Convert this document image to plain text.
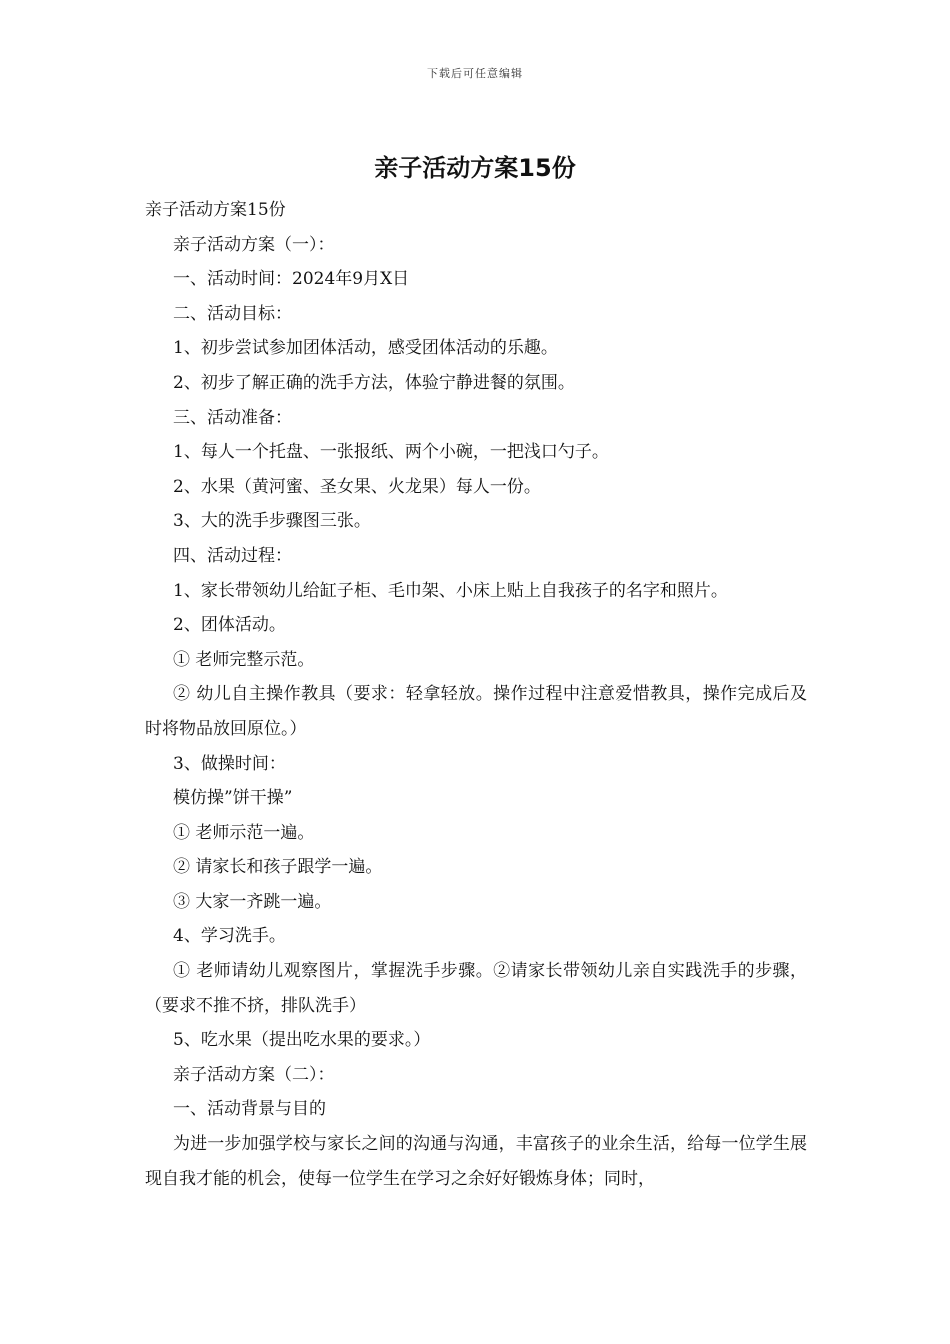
下载后可任意编辑
亲子活动方案15份

亲子活动方案15份

亲子活动方案（一）：

一、活动时间：2024年9月X日

二、活动目标：

1、初步尝试参加团体活动，感受团体活动的乐趣。

2、初步了解正确的洗手方法，体验宁静进餐的氛围。

三、活动准备：

1、每人一个托盘、一张报纸、两个小碗，一把浅口勺子。

2、水果（黄河蜜、圣女果、火龙果）每人一份。

3、大的洗手步骤图三张。

四、活动过程：

1、家长带领幼儿给缸子柜、毛巾架、小床上贴上自我孩子的名字和照片。

2、团体活动。

① 老师完整示范。

② 幼儿自主操作教具（要求：轻拿轻放。操作过程中注意爱惜教具，操作完成后及时将物品放回原位。）

3、做操时间：

模仿操”饼干操”

① 老师示范一遍。

② 请家长和孩子跟学一遍。

③ 大家一齐跳一遍。

4、学习洗手。

① 老师请幼儿观察图片，掌握洗手步骤。②请家长带领幼儿亲自实践洗手的步骤，（要求不推不挤，排队洗手）

5、吃水果（提出吃水果的要求。）

亲子活动方案（二）：

一、活动背景与目的

为进一步加强学校与家长之间的沟通与沟通，丰富孩子的业余生活，给每一位学生展现自我才能的机会，使每一位学生在学习之余好好锻炼身体；同时，
